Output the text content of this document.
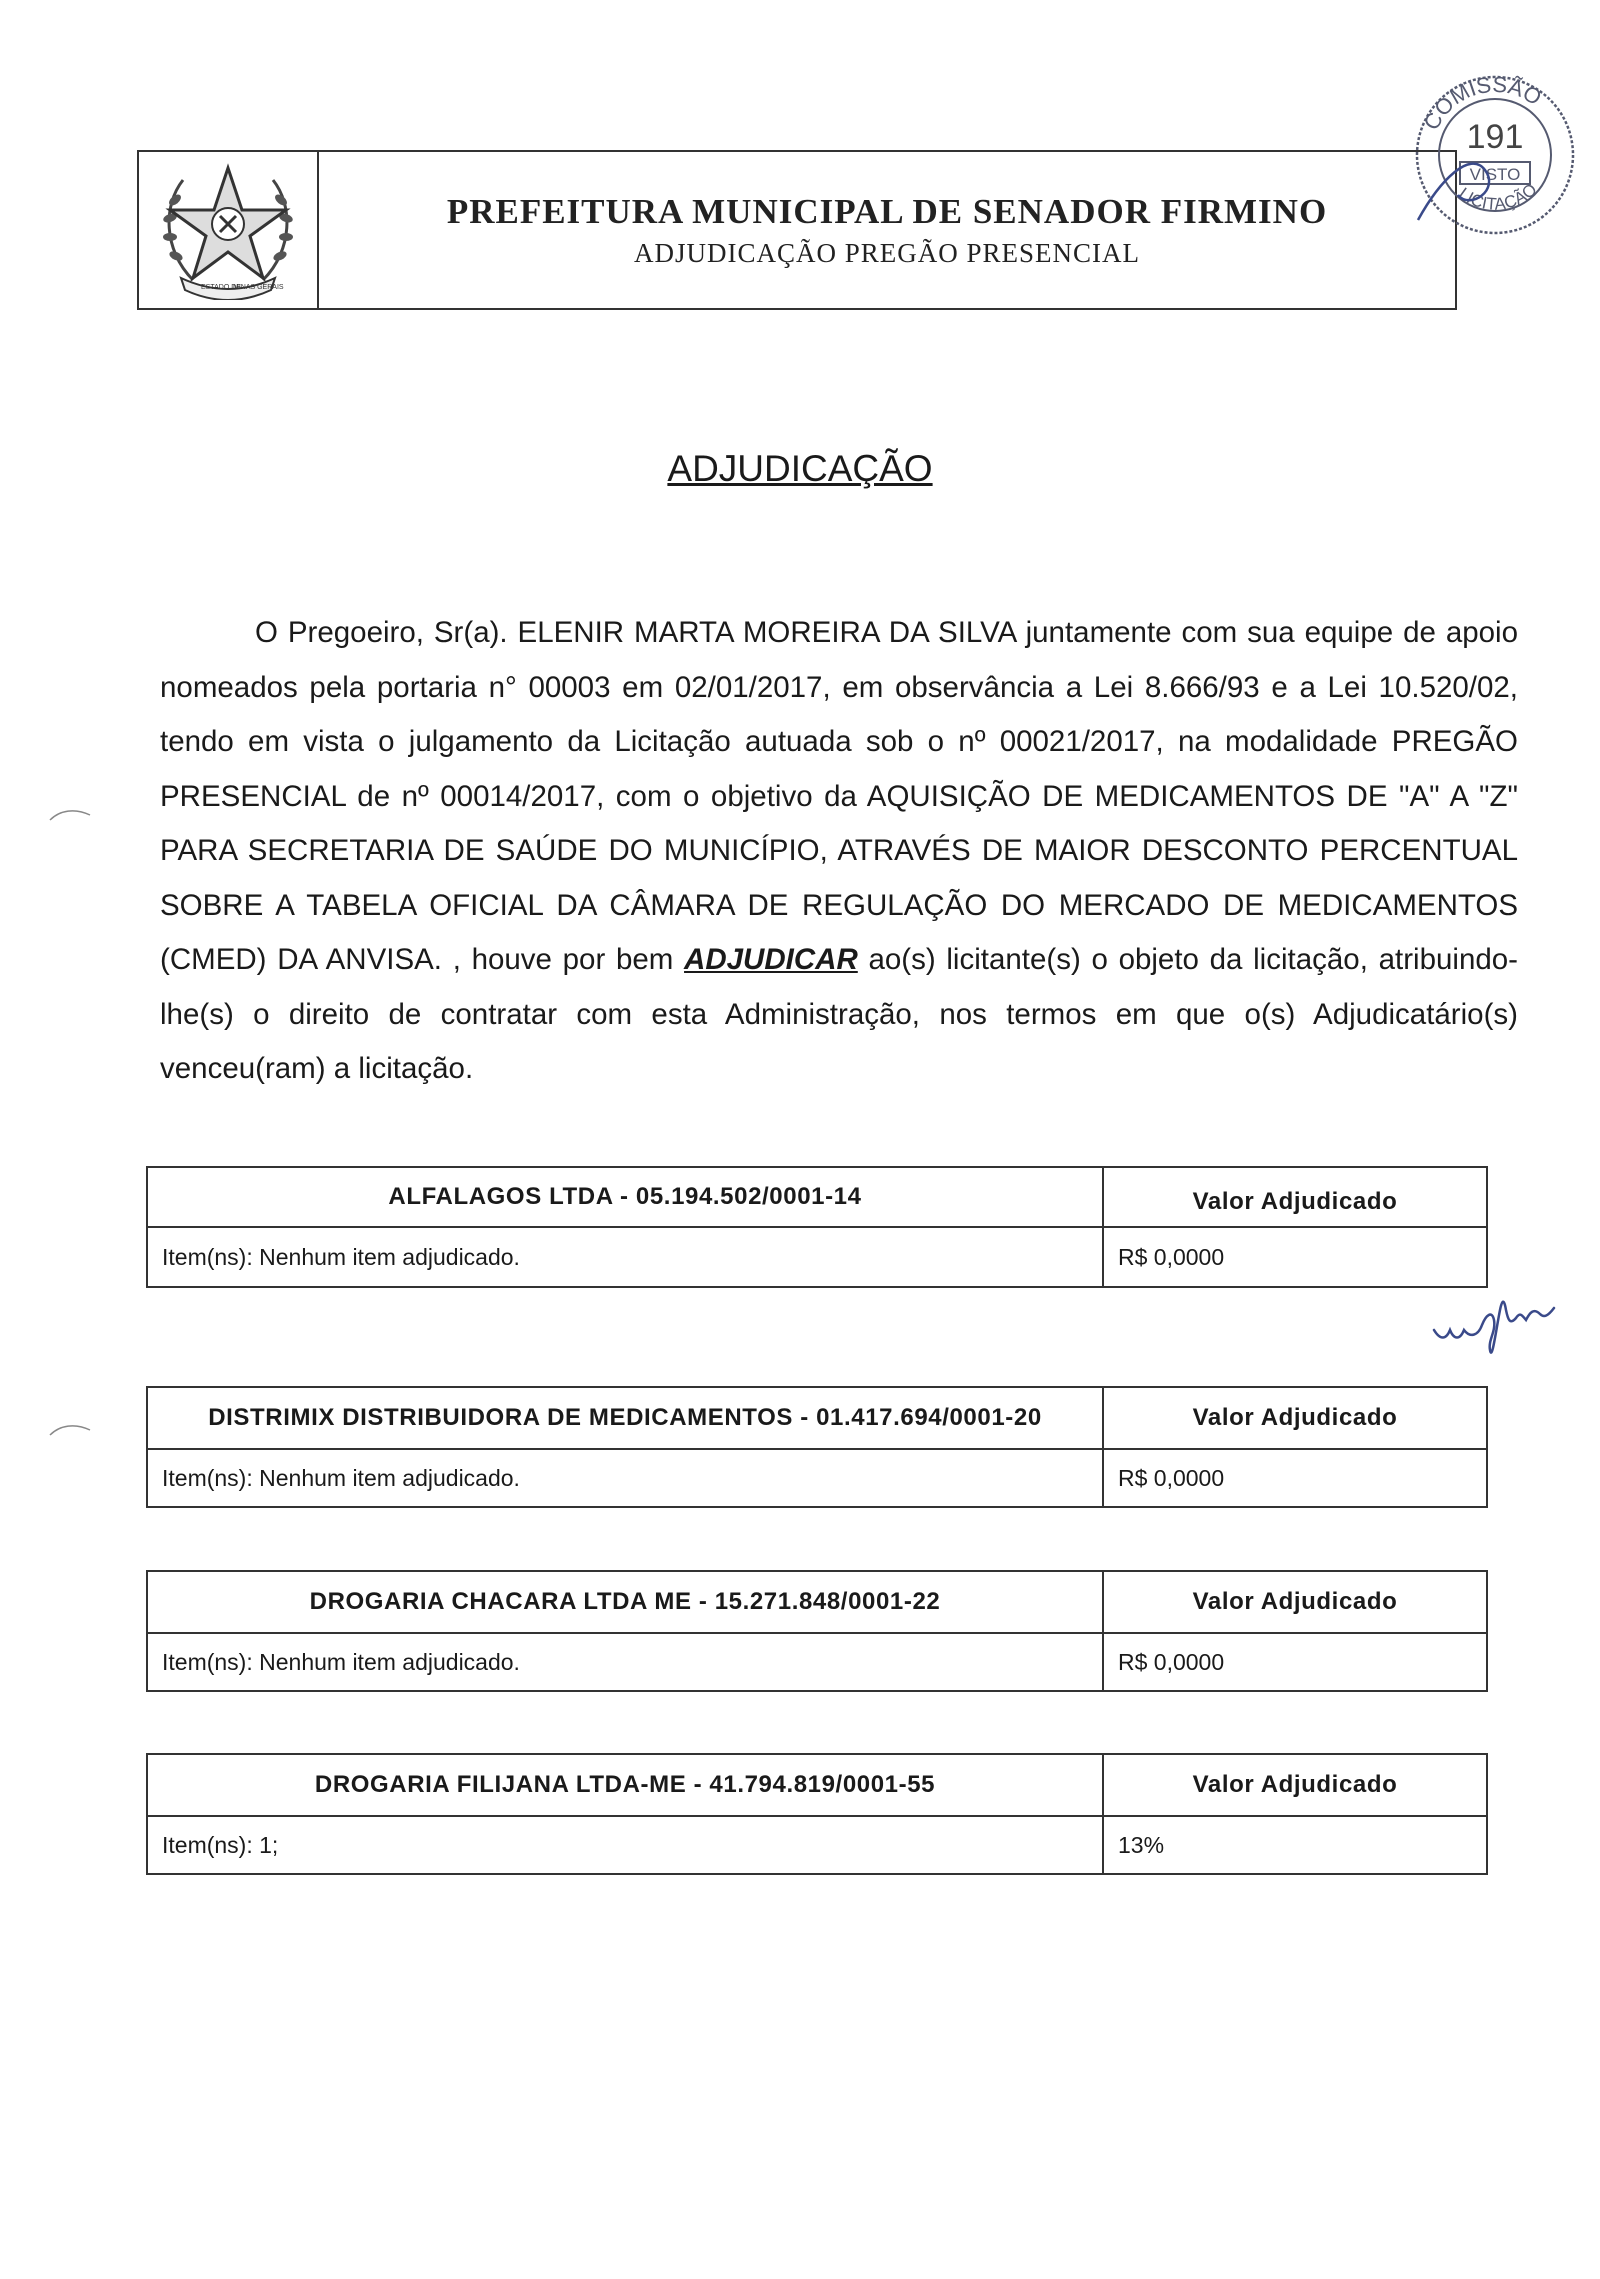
ESTADO DE
MINAS GERAIS
PREFEITURA MUNICIPAL DE SENADOR FIRMINO
ADJUDICAÇÃO PREGÃO PRESENCIAL
COMISSÃO
191
VISTO
LICITAÇÃO
ADJUDICAÇÃO

O Pregoeiro, Sr(a). ELENIR MARTA MOREIRA DA SILVA juntamente com sua equipe de apoio nomeados pela portaria n° 00003 em 02/01/2017, em observância a Lei 8.666/93 e a Lei 10.520/02, tendo em vista o julgamento da Licitação autuada sob o nº 00021/2017, na modalidade PREGÃO PRESENCIAL de nº 00014/2017, com o objetivo da AQUISIÇÃO DE MEDICAMENTOS DE "A" A "Z" PARA SECRETARIA DE SAÚDE DO MUNICÍPIO, ATRAVÉS DE MAIOR DESCONTO PERCENTUAL SOBRE A TABELA OFICIAL DA CÂMARA DE REGULAÇÃO DO MERCADO DE MEDICAMENTOS (CMED) DA ANVISA. , houve por bem ADJUDICAR ao(s) licitante(s) o objeto da licitação, atribuindo-lhe(s) o direito de contratar com esta Administração, nos termos em que o(s) Adjudicatário(s) venceu(ram) a licitação.

ALFALAGOS LTDA - 05.194.502/0001-14	Valor Adjudicado
Item(ns): Nenhum item adjudicado.	R$ 0,0000
DISTRIMIX DISTRIBUIDORA DE MEDICAMENTOS - 01.417.694/0001-20	Valor Adjudicado
Item(ns): Nenhum item adjudicado.	R$ 0,0000
DROGARIA CHACARA LTDA ME - 15.271.848/0001-22	Valor Adjudicado
Item(ns): Nenhum item adjudicado.	R$ 0,0000
DROGARIA FILIJANA LTDA-ME - 41.794.819/0001-55	Valor Adjudicado
Item(ns): 1;	13%
